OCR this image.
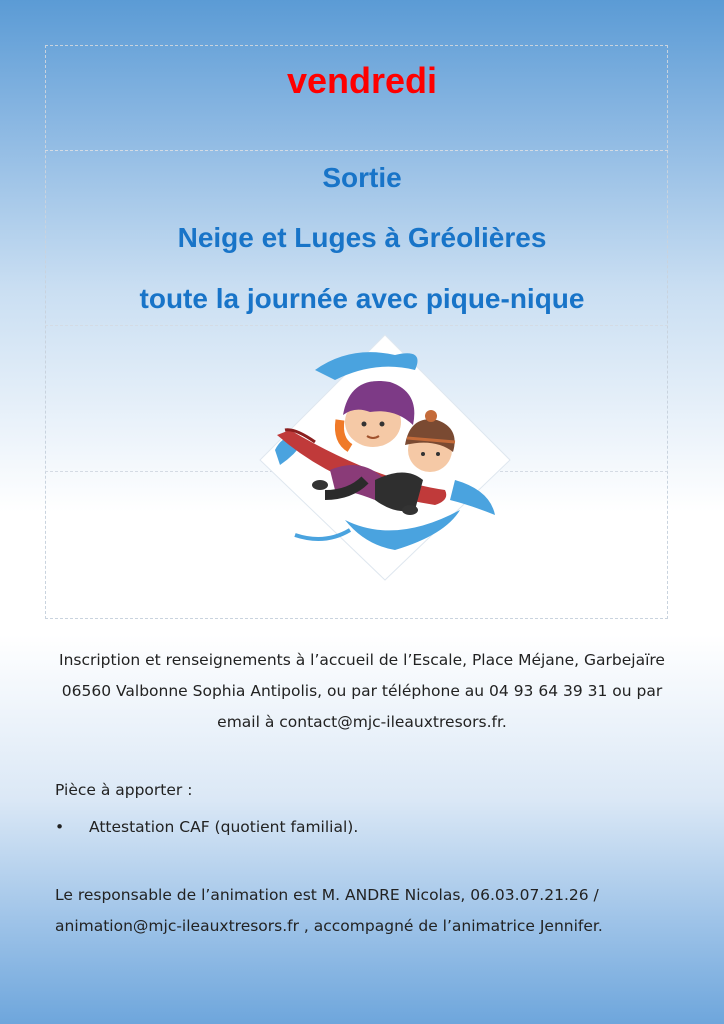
vendredi
Sortie
Neige et Luges à Gréolières
toute la journée avec pique-nique
Inscription et renseignements à l’accueil de l’Escale, Place Méjane, Garbejaïre
06560 Valbonne Sophia Antipolis, ou par téléphone au 04 93 64 39 31 ou par
email à contact@mjc-ileauxtresors.fr.
Pièce à apporter :
• Attestation CAF (quotient familial).
Le responsable de l’animation est M. ANDRE Nicolas, 06.03.07.21.26 /
animation@mjc-ileauxtresors.fr , accompagné de l’animatrice Jennifer.
